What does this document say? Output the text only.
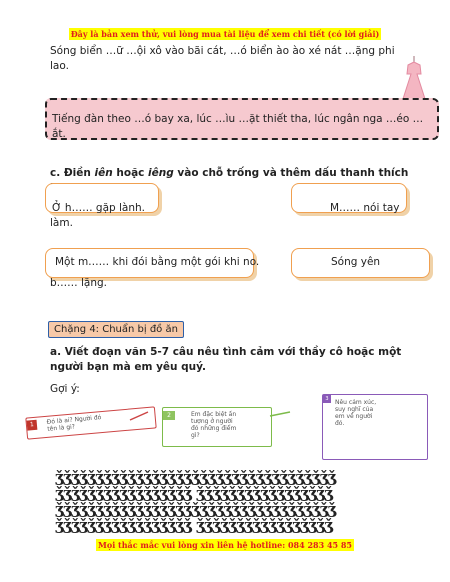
Đây là bản xem thử, vui lòng mua tài liệu để xem chi tiết (có lời giải)
Sóng biển …ữ …ội xô vào bãi cát, …ó biển ào ào xé nát …ặng phi lao.
Tiếng đàn theo …ó bay xa, lúc …ìu …ặt thiết tha, lúc ngân nga …éo …ắt.
c. Điền iên hoặc iêng vào chỗ trống và thêm dấu thanh thích
Ở h…… gặp lành.	M…… nói tay
làm.
Một m…… khi đói bằng một gói khi no.	Sóng yên
b…… lặng.
Chặng 4: Chuẩn bị đồ ăn
a. Viết đoạn văn 5-7 câu nêu tình cảm với thầy cô hoặc một người bạn mà em yêu quý.
Gợi ý:
1	Đó là ai? Người đó tên là gì?
2	Em đặc biệt ấn tượng ở người đó những điểm gì?
3	Nêu cảm xúc, suy nghĩ của em về người đó.
ǯǯǯǯǯǯǯǯǯǯǯǯǯǯǯǯǯǯǯǯǯǯǯǯǯǯǯǯǯǯǯǯǯǯǯ
ǯǯǯǯǯǯǯǯǯǯǯǯǯǯǯǯǯ ǯǯǯǯǯǯǯǯǯǯǯǯǯǯǯǯǯ
ǯǯǯǯǯǯǯǯǯǯǯǯǯǯǯǯǯǯǯǯǯǯǯǯǯǯǯǯǯǯǯǯǯǯǯ
ǯǯǯǯǯǯǯǯǯǯǯǯǯǯǯǯǯ ǯǯǯǯǯǯǯǯǯǯǯǯǯǯǯǯǯ
Mọi thắc mắc vui lòng xin liên hệ hotline: 084 283 45 85
